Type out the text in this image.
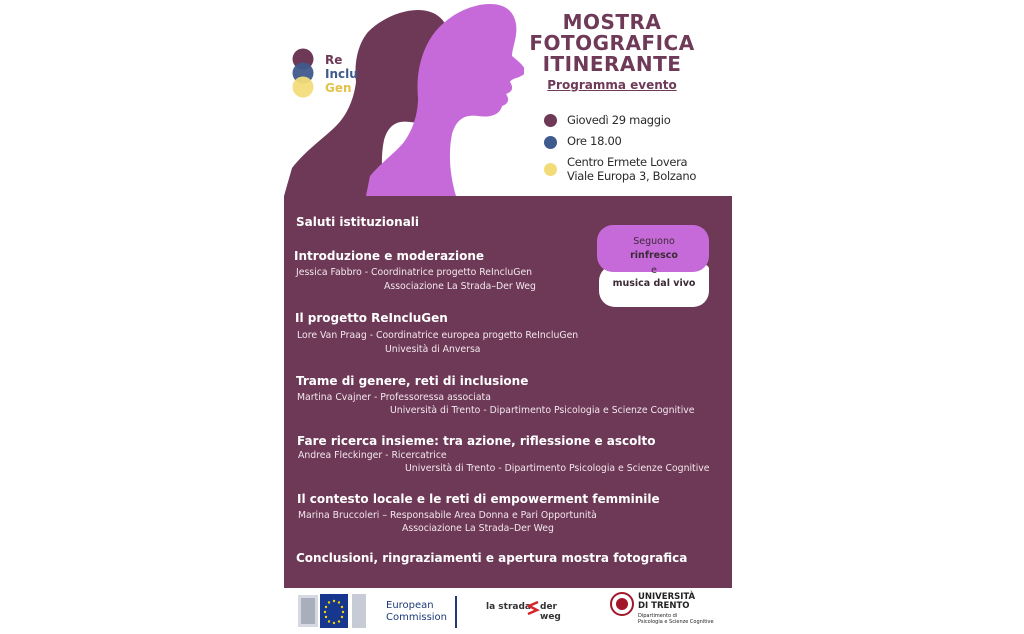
Re
Inclu
Gen
MOSTRA
FOTOGRAFICA
ITINERANTE
Programma evento
Giovedì 29 maggio
Ore 18.00
Centro Ermete Lovera
Viale Europa 3, Bolzano
Saluti istituzionali
Introduzione e moderazione
Jessica Fabbro - Coordinatrice progetto ReIncluGen
Associazione La Strada–Der Weg
Il progetto ReIncluGen
Lore Van Praag - Coordinatrice europea progetto ReIncluGen
Univesità di Anversa
Trame di genere, reti di inclusione
Martina Cvajner - Professoressa associata
Università di Trento - Dipartimento Psicologia e Scienze Cognitive
Fare ricerca insieme: tra azione, riflessione e ascolto
Andrea Fleckinger - Ricercatrice
Università di Trento - Dipartimento Psicologia e Scienze Cognitive
Il contesto locale e le reti di empowerment femminile
Marina Bruccoleri – Responsabile Area Donna e Pari Opportunità
Associazione La Strada–Der Weg
Conclusioni, ringraziamenti e apertura mostra fotografica
Seguono
rinfresco
e
musica dal vivo
European
Commission
la strada der weg
UNIVERSITÀ
DI TRENTO
Dipartimento di
Psicologia e Scienze Cognitive
